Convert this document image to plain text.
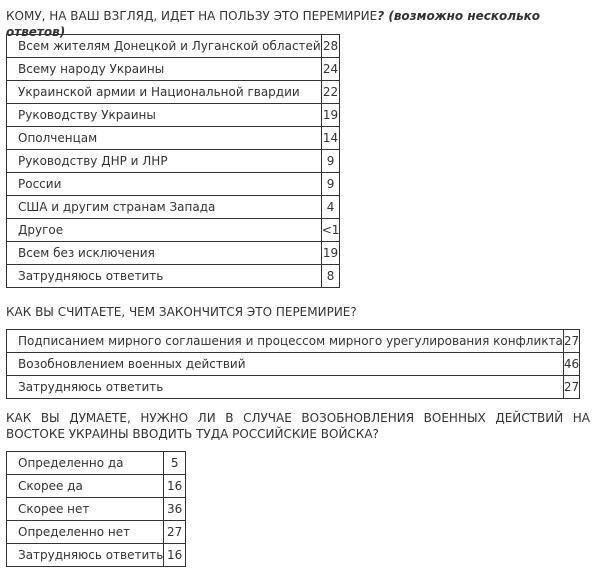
КОМУ, НА ВАШ ВЗГЛЯД, ИДЕТ НА ПОЛЬЗУ ЭТО ПЕРЕМИРИЕ? (возможно несколько ответов)

Всем жителям Донецкой и Луганской областей	28
Всему народу Украины	24
Украинской армии и Национальной гвардии	22
Руководству Украины	19
Ополченцам	14
Руководству ДНР и ЛНР	9
России	9
США и другим странам Запада	4
Другое	<1
Всем без исключения	19
Затрудняюсь ответить	8

КАК ВЫ СЧИТАЕТЕ, ЧЕМ ЗАКОНЧИТСЯ ЭТО ПЕРЕМИРИЕ?

Подписанием мирного соглашения и процессом мирного урегулирования конфликта	27
Возобновлением военных действий	46
Затрудняюсь ответить	27

КАК ВЫ ДУМАЕТЕ, НУЖНО ЛИ В СЛУЧАЕ ВОЗОБНОВЛЕНИЯ ВОЕННЫХ ДЕЙСТВИЙ НА ВОСТОКЕ УКРАИНЫ ВВОДИТЬ ТУДА РОССИЙСКИЕ ВОЙСКА?

Определенно да	5
Скорее да	16
Скорее нет	36
Определенно нет	27
Затрудняюсь ответить	16
